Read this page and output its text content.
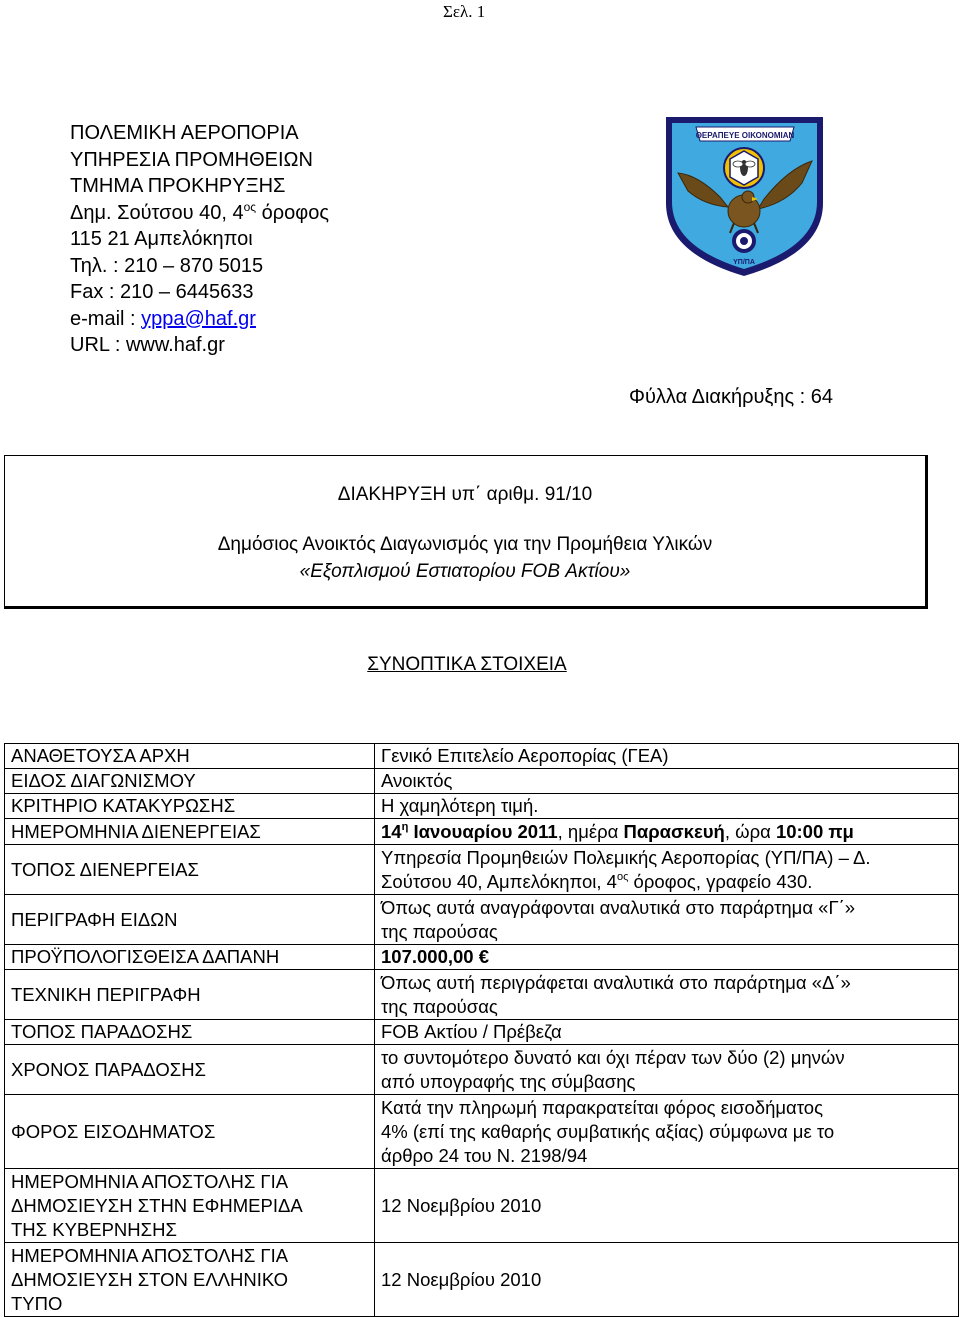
Σελ. 1
ΠΟΛΕΜΙΚΗ ΑΕΡΟΠΟΡΙΑ
ΥΠΗΡΕΣΙΑ ΠΡΟΜΗΘΕΙΩΝ
ΤΜΗΜΑ ΠΡΟΚΗΡΥΞΗΣ
Δημ. Σούτσου 40, $4^{o\varsigma}$ όροφος
115 21 Αμπελόκηποι
Τηλ. : 210 – 870 5015
Fax : 210 – 6445633
e-mail : yppa@haf.gr
URL : www.haf.gr
ΘΕΡΑΠΕΥΕ ΟΙΚΟΝΟΜΙΑΝ
ΥΠ/ΠΑ
Φύλλα Διακήρυξης : 64
ΔΙΑΚΗΡΥΞΗ υπ΄ αριθμ. 91/10
Δημόσιος Ανοικτός Διαγωνισμός για την Προμήθεια Υλικών
«Εξοπλισμού Εστιατορίου FOB Ακτίου»
ΣΥΝΟΠΤΙΚΑ ΣΤΟΙΧΕΙΑ
ΑΝΑΘΕΤΟΥΣΑ ΑΡΧΗ	Γενικό Επιτελείο Αεροπορίας (ΓΕΑ)
ΕΙΔΟΣ ΔΙΑΓΩΝΙΣΜΟΥ	Ανοικτός
ΚΡΙΤΗΡΙΟ ΚΑΤΑΚΥΡΩΣΗΣ	Η χαμηλότερη τιμή.
ΗΜΕΡΟΜΗΝΙΑ ΔΙΕΝΕΡΓΕΙΑΣ	$14^\eta$ Ιανουαρίου 2011, ημέρα Παρασκευή, ώρα 10:00 πμ
ΤΟΠΟΣ ΔΙΕΝΕΡΓΕΙΑΣ	Υπηρεσία Προμηθειών Πολεμικής Αεροπορίας (ΥΠ/ΠΑ) – Δ.
Σούτσου 40, Αμπελόκηποι, $4^{o\varsigma}$ όροφος, γραφείο 430.

ΠΕΡΙΓΡΑΦΗ ΕΙΔΩΝ	Όπως αυτά αναγράφονται αναλυτικά στο παράρτημα «Γ΄»
της παρούσας

ΠΡΟΫΠΟΛΟΓΙΣΘΕΙΣΑ ΔΑΠΑΝΗ	107.000,00 €
ΤΕΧΝΙΚΗ ΠΕΡΙΓΡΑΦΗ	Όπως αυτή περιγράφεται αναλυτικά στο παράρτημα «Δ΄»
της παρούσας

ΤΟΠΟΣ ΠΑΡΑΔΟΣΗΣ	FOB Ακτίου / Πρέβεζα
ΧΡΟΝΟΣ ΠΑΡΑΔΟΣΗΣ	το συντομότερο δυνατό και όχι πέραν των δύο (2) μηνών
από υπογραφής της σύμβασης

ΦΟΡΟΣ ΕΙΣΟΔΗΜΑΤΟΣ	Κατά την πληρωμή παρακρατείται φόρος εισοδήματος
4% (επί της καθαρής συμβατικής αξίας) σύμφωνα με το
άρθρο 24 του Ν. 2198/94

ΗΜΕΡΟΜΗΝΙΑ ΑΠΟΣΤΟΛΗΣ ΓΙΑ
ΔΗΜΟΣΙΕΥΣΗ ΣΤΗΝ ΕΦΗΜΕΡΙΔΑ
ΤΗΣ ΚΥΒΕΡΝΗΣΗΣ	12 Νοεμβρίου 2010

ΗΜΕΡΟΜΗΝΙΑ ΑΠΟΣΤΟΛΗΣ ΓΙΑ
ΔΗΜΟΣΙΕΥΣΗ ΣΤΟΝ ΕΛΛΗΝΙΚΟ
ΤΥΠΟ	12 Νοεμβρίου 2010
